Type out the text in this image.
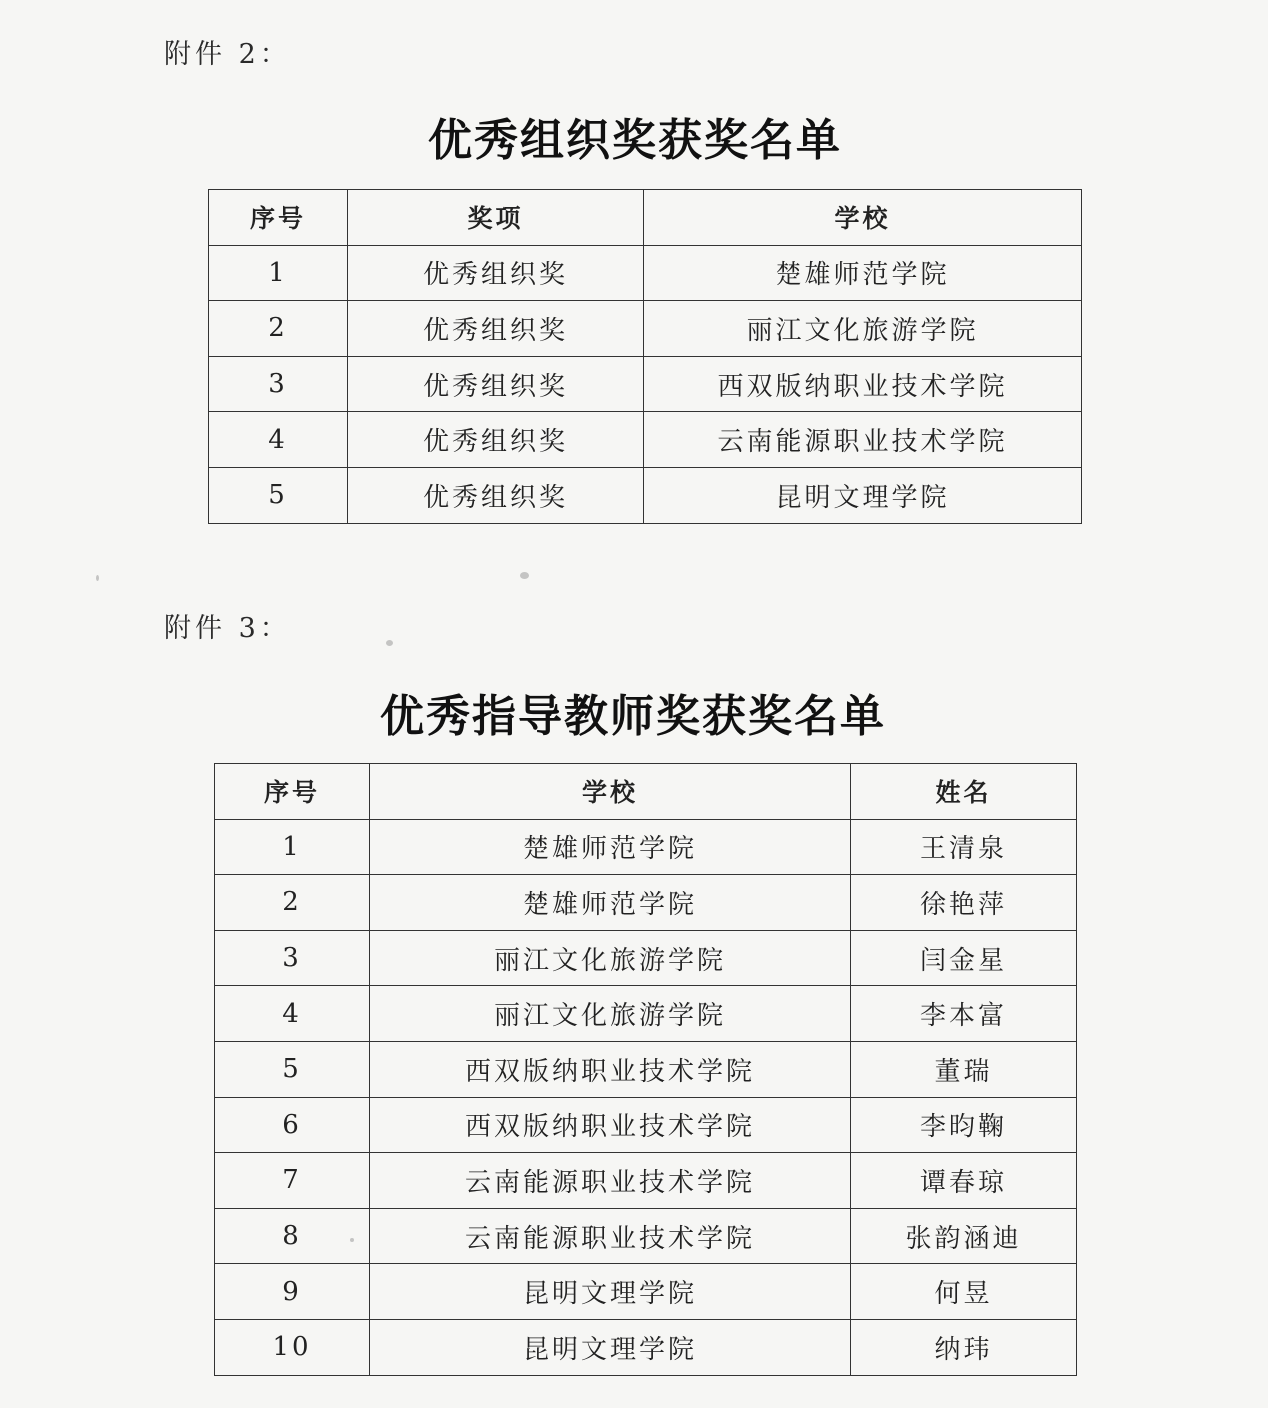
附件 2：
优秀组织奖获奖名单
序号	奖项	学校
1	优秀组织奖	楚雄师范学院
2	优秀组织奖	丽江文化旅游学院
3	优秀组织奖	西双版纳职业技术学院
4	优秀组织奖	云南能源职业技术学院
5	优秀组织奖	昆明文理学院
附件 3：
优秀指导教师奖获奖名单
序号	学校	姓名
1	楚雄师范学院	王清泉
2	楚雄师范学院	徐艳萍
3	丽江文化旅游学院	闫金星
4	丽江文化旅游学院	李本富
5	西双版纳职业技术学院	董瑞
6	西双版纳职业技术学院	李昀鞠
7	云南能源职业技术学院	谭春琼
8	云南能源职业技术学院	张韵涵迪
9	昆明文理学院	何昱
10	昆明文理学院	纳玮
